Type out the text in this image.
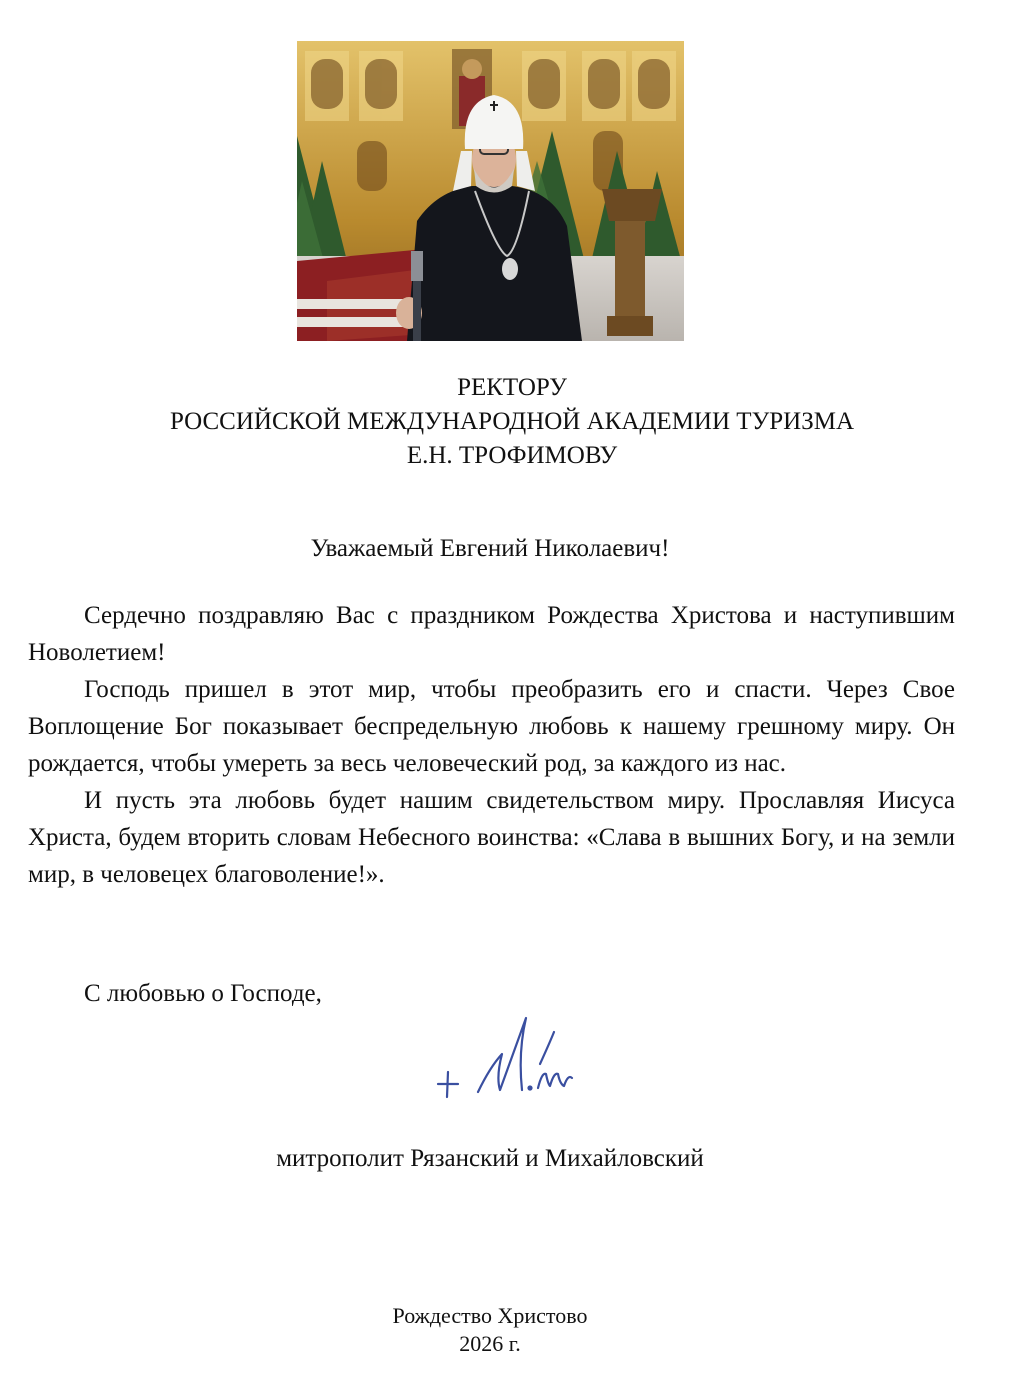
РЕКТОРУ
РОССИЙСКОЙ МЕЖДУНАРОДНОЙ АКАДЕМИИ ТУРИЗМА
Е.Н. ТРОФИМОВУ
Уважаемый Евгений Николаевич!

Сердечно поздравляю Вас с праздником Рождества Христова и наступившим Новолетием!

Господь пришел в этот мир, чтобы преобразить его и спасти. Через Свое Воплощение Бог показывает беспредельную любовь к нашему грешному миру. Он рождается, чтобы умереть за весь человеческий род, за каждого из нас.

И пусть эта любовь будет нашим свидетельством миру. Прославляя Иисуса Христа, будем вторить словам Небесного воинства: «Слава в вышних Богу, и на земли мир, в человецех благоволение!».

С любовью о Господе,
митрополит Рязанский и Михайловский
Рождество Христово
2026 г.
